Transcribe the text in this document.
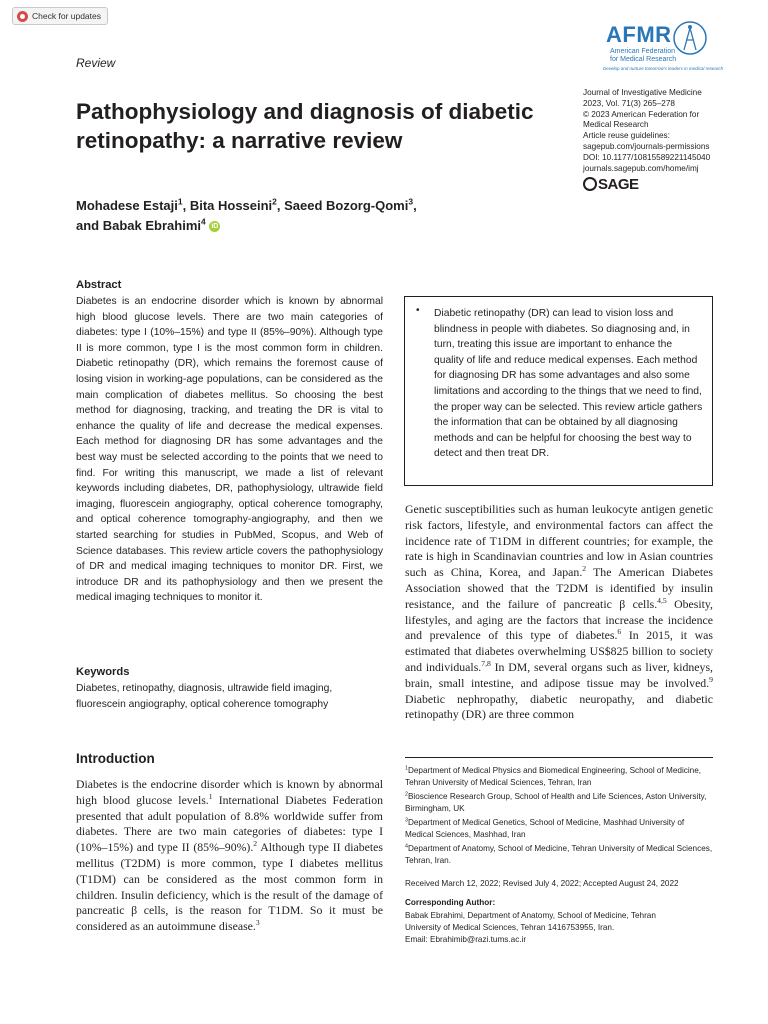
Check for updates
Review
AFMR
American Federation
for Medical Research
Develop and nurture tomorrow's leaders in medical research
Pathophysiology and diagnosis of diabetic retinopathy: a narrative review
Journal of Investigative Medicine
2023, Vol. 71(3) 265–278
© 2023 American Federation for
Medical Research
Article reuse guidelines:
sagepub.com/journals-permissions
DOI: 10.1177/10815589221145040
journals.sagepub.com/home/imj
SAGE
Mohadese Estaji$^1$, Bita Hosseini$^2$, Saeed Bozorg-Qomi$^3$,
and Babak Ebrahimi$^4$ iD
Abstract
Diabetes is an endocrine disorder which is known by abnormal high blood glucose levels. There are two main categories of diabetes: type I (10%–15%) and type II (85%–90%). Although type II is more common, type I is the most common form in children. Diabetic retinopathy (DR), which remains the foremost cause of losing vision in working-age populations, can be considered as the main complication of diabetes mellitus. So choosing the best method for diagnosing, tracking, and treating the DR is vital to enhance the quality of life and decrease the medical expenses. Each method for diagnosing DR has some advantages and the best way must be selected according to the points that we need to find. For writing this manuscript, we made a list of relevant keywords including diabetes, DR, pathophysiology, ultrawide field imaging, fluorescein angiography, optical coherence tomography, and optical coherence tomography-angiography, and then we started searching for studies in PubMed, Scopus, and Web of Science databases. This review article covers the pathophysiology of DR and medical imaging techniques to monitor DR. First, we introduce DR and its pathophysiology and then we present the medical imaging techniques to monitor it.
Keywords
Diabetes, retinopathy, diagnosis, ultrawide field imaging, fluorescein angiography, optical coherence tomography
• Diabetic retinopathy (DR) can lead to vision loss and blindness in people with diabetes. So diagnosing and, in turn, treating this issue are important to enhance the quality of life and reduce medical expenses. Each method for diagnosing DR has some advantages and also some limitations and according to the things that we need to find, the proper way can be selected. This review article gathers the information that can be obtained by all diagnosing methods and can be helpful for choosing the best way to detect and then treat DR.
Genetic susceptibilities such as human leukocyte antigen genetic risk factors, lifestyle, and environmental factors can affect the incidence rate of T1DM in different countries; for example, the rate is high in Scandinavian countries and low in Asian countries such as China, Korea, and Japan.$^2$ The American Diabetes Association showed that the T2DM is identified by insulin resistance, and the failure of pancreatic β cells.$^{4,5}$ Obesity, lifestyles, and aging are the factors that increase the incidence and prevalence of this type of diabetes.$^6$ In 2015, it was estimated that diabetes overwhelming US$825 billion to society and individuals.$^{7,8}$ In DM, several organs such as liver, kidneys, brain, small intestine, and adipose tissue may be involved.$^9$ Diabetic nephropathy, diabetic neuropathy, and diabetic retinopathy (DR) are three common
Introduction
Diabetes is the endocrine disorder which is known by abnormal high blood glucose levels.$^1$ International Diabetes Federation presented that adult population of 8.8% worldwide suffer from diabetes. There are two main categories of diabetes: type I (10%–15%) and type II (85%–90%).$^2$ Although type II diabetes mellitus (T2DM) is more common, type I diabetes mellitus (T1DM) can be considered as the most common form in children. Insulin deficiency, which is the result of the damage of pancreatic β cells, is the reason for T1DM. So it must be considered as an autoimmune disease.$^3$

$^1$Department of Medical Physics and Biomedical Engineering, School of Medicine, Tehran University of Medical Sciences, Tehran, Iran

$^2$Bioscience Research Group, School of Health and Life Sciences, Aston University, Birmingham, UK

$^3$Department of Medical Genetics, School of Medicine, Mashhad University of Medical Sciences, Mashhad, Iran

$^4$Department of Anatomy, School of Medicine, Tehran University of Medical Sciences, Tehran, Iran.

Received March 12, 2022; Revised July 4, 2022; Accepted August 24, 2022
Corresponding Author:
Babak Ebrahimi, Department of Anatomy, School of Medicine, Tehran
University of Medical Sciences, Tehran 1416753955, Iran.
Email: Ebrahimib@razi.tums.ac.ir
